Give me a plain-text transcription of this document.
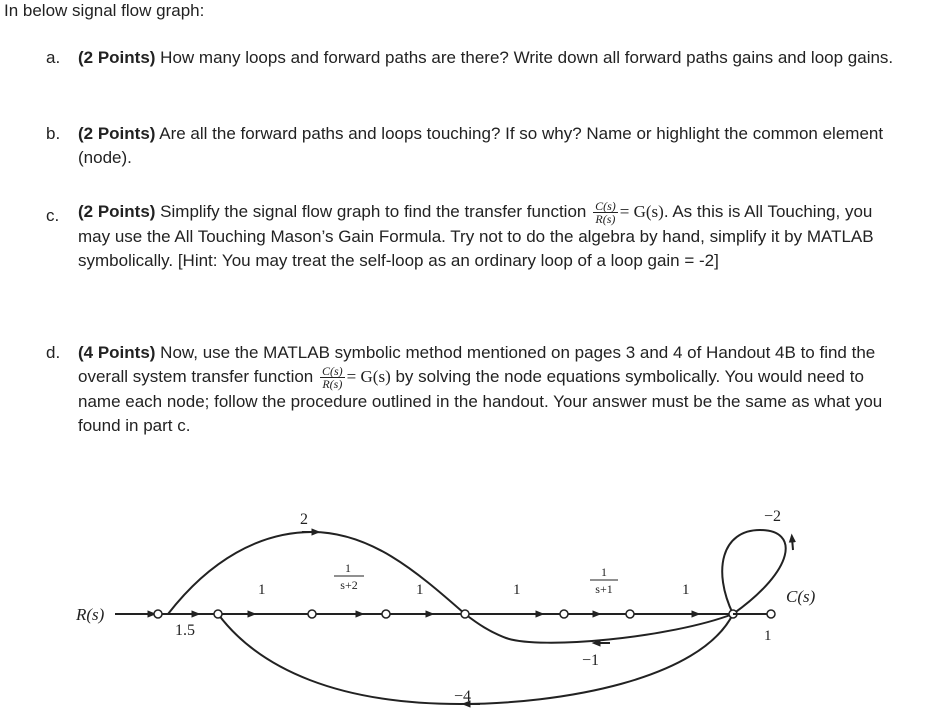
In below signal flow graph:
a. (2 Points) How many loops and forward paths are there? Write down all forward paths gains and loop gains.
b. (2 Points) Are all the forward paths and loops touching? If so why? Name or highlight the common element (node).
c. (2 Points) Simplify the signal flow graph to find the transfer function $\frac{C(s)}{R(s)} = G(s)$. As this is All Touching, you may use the All Touching Mason’s Gain Formula. Try not to do the algebra by hand, simplify it by MATLAB symbolically. [Hint: You may treat the self-loop as an ordinary loop of a loop gain = -2]
d. (4 Points) Now, use the MATLAB symbolic method mentioned on pages 3 and 4 of Handout 4B to find the overall system transfer function $\frac{C(s)}{R(s)} = G(s)$ by solving the node equations symbolically. You would need to name each node; follow the procedure outlined in the handout. Your answer must be the same as what you found in part c.
R(s)
C(s)
1.5
1
1
s+2	1	1
1
s+1	1
1
2	−2
−1
−4
